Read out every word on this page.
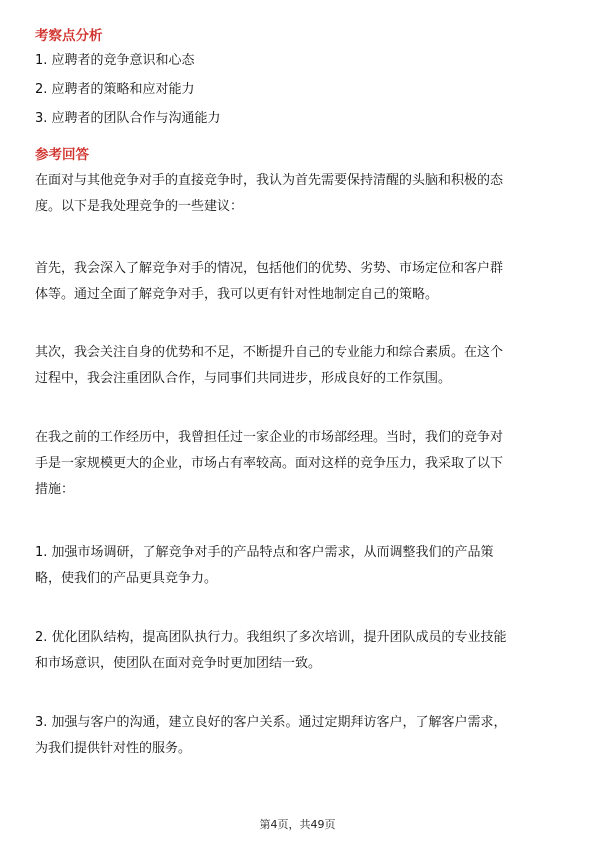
考察点分析
1. 应聘者的竞争意识和心态
2. 应聘者的策略和应对能力
3. 应聘者的团队合作与沟通能力
参考回答
在面对与其他竞争对手的直接竞争时，我认为首先需要保持清醒的头脑和积极的态
度。以下是我处理竞争的一些建议：
首先，我会深入了解竞争对手的情况，包括他们的优势、劣势、市场定位和客户群
体等。通过全面了解竞争对手，我可以更有针对性地制定自己的策略。
其次，我会关注自身的优势和不足，不断提升自己的专业能力和综合素质。在这个
过程中，我会注重团队合作，与同事们共同进步，形成良好的工作氛围。
在我之前的工作经历中，我曾担任过一家企业的市场部经理。当时，我们的竞争对
手是一家规模更大的企业，市场占有率较高。面对这样的竞争压力，我采取了以下
措施：
1. 加强市场调研，了解竞争对手的产品特点和客户需求，从而调整我们的产品策
略，使我们的产品更具竞争力。
2. 优化团队结构，提高团队执行力。我组织了多次培训，提升团队成员的专业技能
和市场意识，使团队在面对竞争时更加团结一致。
3. 加强与客户的沟通，建立良好的客户关系。通过定期拜访客户，了解客户需求，
为我们提供针对性的服务。
第4页，共49页
